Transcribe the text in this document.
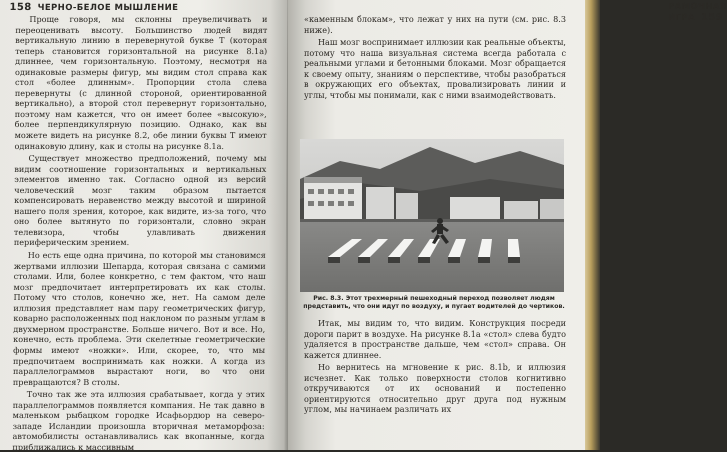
158 ЧЕРНО-БЕЛОЕ МЫШЛЕНИЕ

Проще говоря, мы склонны преувеличивать и переоценивать высоту. Большинство людей видят вертикальную линию в перевернутой букве Т (которая теперь становится горизонтальной на рисунке 8.1а) длиннее, чем горизонтальную. Поэтому, несмотря на одинаковые размеры фигур, мы видим стол справа как стол «более длинным». Пропорции стола слева перевернуты (с длинной стороной, ориентированной вертикально), а второй стол перевернут горизонтально, поэтому нам кажется, что он имеет более «высокую», более перпендикулярную позицию. Однако, как вы можете видеть на рисунке 8.2, обе линии буквы Т имеют одинаковую длину, как и столы на рисунке 8.1а.

Существует множество предположений, почему мы видим соотношение горизонтальных и вертикальных элементов именно так. Согласно одной из версий человеческий мозг таким образом пытается компенсировать неравенство между высотой и шириной нашего поля зрения, которое, как видите, из-за того, что оно более вытянуто по горизонтали, словно экран телевизора, чтобы улавливать движения периферическим зрением.

Но есть еще одна причина, по которой мы становимся жертвами иллюзии Шепарда, которая связана с самими столами. Или, более конкретно, с тем фактом, что наш мозг предпочитает интерпретировать их как столы. Потому что столов, конечно же, нет. На самом деле иллюзия представляет нам пару геометрических фигур, коварно расположенных под наклоном по разным углам в двухмерном пространстве. Больше ничего. Вот и все. Но, конечно, есть проблема. Эти скелетные геометрические формы имеют «ножки». Или, скорее, то, что мы предпочитаем воспринимать как ножки. А когда из параллелограммов вырастают ноги, во что они превращаются? В столы.

Точно так же эта иллюзия срабатывает, когда у этих параллелограммов появляется компания. Не так давно в маленьком рыбацком городке Исафьордюр на северо-западе Исландии произошла вторичная метаморфоза: автомобилисты останавливались как вкопанные, когда приближались к массивным

РАМОЧНАЯ ИГРА 159

«каменным блокам», что лежат у них на пути (см. рис. 8.3 ниже).

Наш мозг воспринимает иллюзии как реальные объекты, потому что наша визуальная система всегда работала с реальными углами и бетонными блоками. Мозг обращается к своему опыту, знаниям о перспективе, чтобы разобраться в окружающих его объектах, провализировать линии и углы, чтобы мы понимали, как с ними взаимодействовать.

Рис. 8.3. Этот трехмерный пешеходный переход позволяет людям представить, что они идут по воздуху, и пугает водителей до чертиков.

Итак, мы видим то, что видим. Конструкция посреди дороги парит в воздухе. На рисунке 8.1а «стол» слева будто удаляется в пространстве дальше, чем «стол» справа. Он кажется длиннее.

Но вернитесь на мгновение к рис. 8.1b, и иллюзия исчезнет. Как только поверхности столов когнитивно откручиваются от их оснований и постепенно ориентируются относительно друг друга под нужным углом, мы начинаем различать их
